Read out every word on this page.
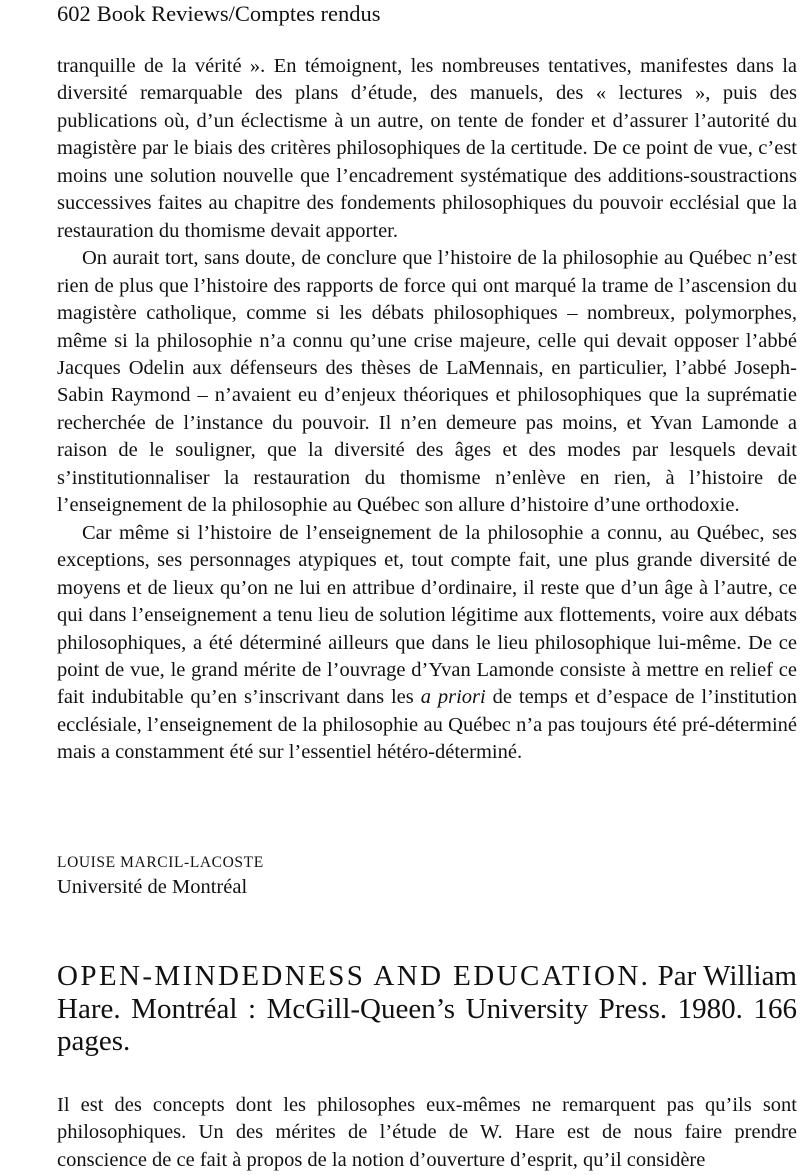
602 Book Reviews/Comptes rendus

tranquille de la vérité ». En témoignent, les nombreuses tentatives, manifestes dans la diversité remarquable des plans d’étude, des manuels, des « lectures », puis des publications où, d’un éclectisme à un autre, on tente de fonder et d’assurer l’autorité du magistère par le biais des critères philosophiques de la certitude. De ce point de vue, c’est moins une solution nouvelle que l’encadrement systématique des additions-soustractions successives faites au chapitre des fondements philosophiques du pouvoir ecclésial que la restauration du thomisme devait apporter.

On aurait tort, sans doute, de conclure que l’histoire de la philosophie au Québec n’est rien de plus que l’histoire des rapports de force qui ont marqué la trame de l’ascension du magistère catholique, comme si les débats philosophiques – nombreux, polymorphes, même si la philosophie n’a connu qu’une crise majeure, celle qui devait opposer l’abbé Jacques Odelin aux défenseurs des thèses de LaMennais, en particulier, l’abbé Joseph-Sabin Raymond – n’avaient eu d’enjeux théoriques et philosophiques que la suprématie recherchée de l’instance du pouvoir. Il n’en demeure pas moins, et Yvan Lamonde a raison de le souligner, que la diversité des âges et des modes par lesquels devait s’institutionnaliser la restauration du thomisme n’enlève en rien, à l’histoire de l’enseignement de la philosophie au Québec son allure d’histoire d’une orthodoxie.

Car même si l’histoire de l’enseignement de la philosophie a connu, au Québec, ses exceptions, ses personnages atypiques et, tout compte fait, une plus grande diversité de moyens et de lieux qu’on ne lui en attribue d’ordinaire, il reste que d’un âge à l’autre, ce qui dans l’enseignement a tenu lieu de solution légitime aux flottements, voire aux débats philosophiques, a été déterminé ailleurs que dans le lieu philosophique lui-même. De ce point de vue, le grand mérite de l’ouvrage d’Yvan Lamonde consiste à mettre en relief ce fait indubitable qu’en s’inscrivant dans les a priori de temps et d’espace de l’institution ecclésiale, l’enseignement de la philosophie au Québec n’a pas toujours été pré-déterminé mais a constamment été sur l’essentiel hétéro-déterminé.

LOUISE MARCIL-LACOSTE
Université de Montréal
OPEN-MINDEDNESS AND EDUCATION. Par William Hare. Montréal : McGill-Queen’s University Press. 1980. 166 pages.

Il est des concepts dont les philosophes eux-mêmes ne remarquent pas qu’ils sont philosophiques. Un des mérites de l’étude de W. Hare est de nous faire prendre conscience de ce fait à propos de la notion d’ouverture d’esprit, qu’il considère
